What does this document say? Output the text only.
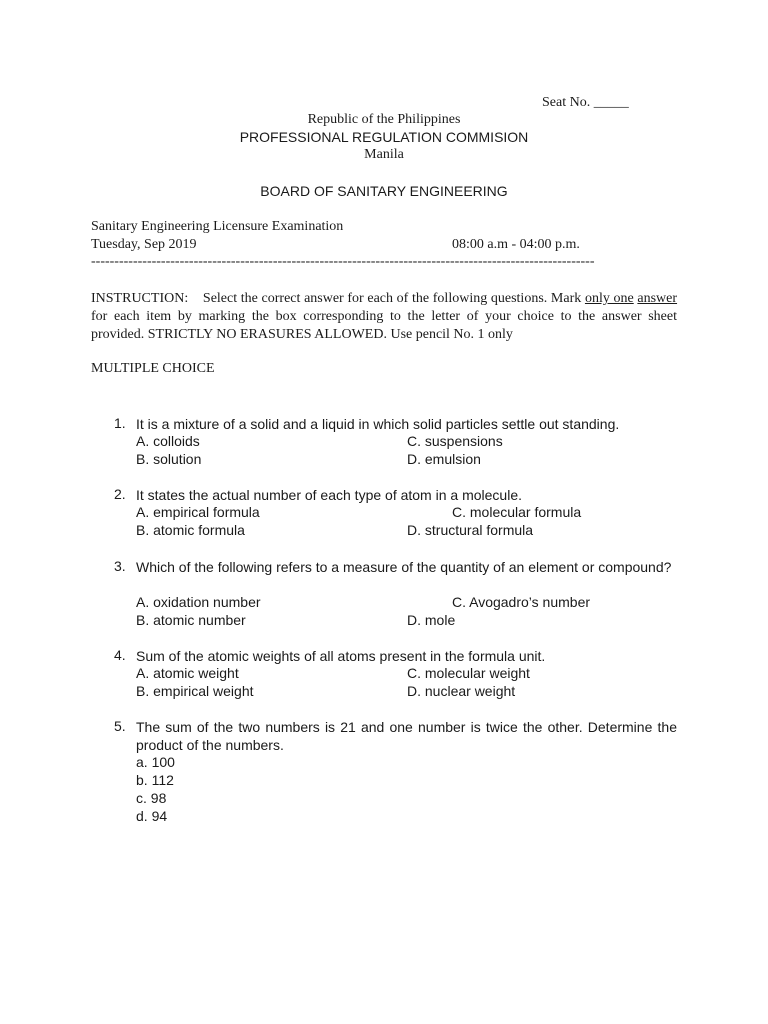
Seat No. _____
Republic of the Philippines
PROFESSIONAL REGULATION COMMISION
Manila
BOARD OF SANITARY ENGINEERING
Sanitary Engineering Licensure Examination
Tuesday, Sep 2019	08:00 a.m - 04:00 p.m.
------------------------------------------------------------------------------------------------------------
INSTRUCTION: Select the correct answer for each of the following questions. Mark only one answer for each item by marking the box corresponding to the letter of your choice to the answer sheet provided. STRICTLY NO ERASURES ALLOWED. Use pencil No. 1 only
MULTIPLE CHOICE
1. It is a mixture of a solid and a liquid in which solid particles settle out standing.
A. colloids	C. suspensions
B. solution	D. emulsion
2. It states the actual number of each type of atom in a molecule.
A. empirical formula	C. molecular formula
B. atomic formula	D. structural formula
3. Which of the following refers to a measure of the quantity of an element or compound?
A. oxidation number	C. Avogadro’s number
B. atomic number	D. mole
4. Sum of the atomic weights of all atoms present in the formula unit.
A. atomic weight	C. molecular weight
B. empirical weight	D. nuclear weight
5. The sum of the two numbers is 21 and one number is twice the other. Determine the product of the numbers.
a. 100
b. 112
c. 98
d. 94
